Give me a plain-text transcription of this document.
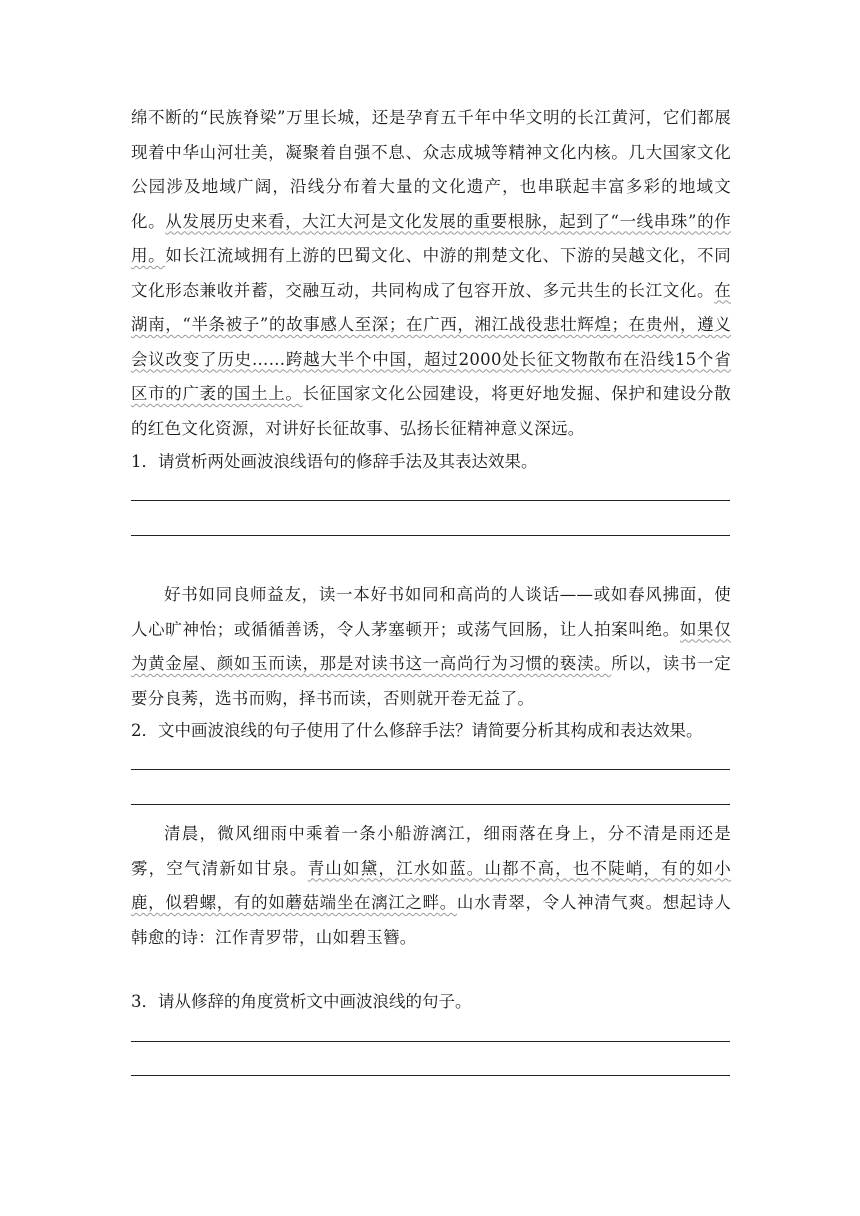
绵不断的“民族脊梁”万里长城，还是孕育五千年中华文明的长江黄河，它们都展现着中华山河壮美，凝聚着自强不息、众志成城等精神文化内核。几大国家文化公园涉及地域广阔，沿线分布着大量的文化遗产，也串联起丰富多彩的地域文化。从发展历史来看，大江大河是文化发展的重要根脉，起到了“一线串珠”的作用。如长江流域拥有上游的巴蜀文化、中游的荆楚文化、下游的吴越文化，不同文化形态兼收并蓄，交融互动，共同构成了包容开放、多元共生的长江文化。在湖南，“半条被子”的故事感人至深；在广西，湘江战役悲壮辉煌；在贵州，遵义会议改变了历史……跨越大半个中国，超过2000处长征文物散布在沿线15个省区市的广袤的国土上。长征国家文化公园建设，将更好地发掘、保护和建设分散的红色文化资源，对讲好长征故事、弘扬长征精神意义深远。

1．请赏析两处画波浪线语句的修辞手法及其表达效果。

好书如同良师益友，读一本好书如同和高尚的人谈话——或如春风拂面，使人心旷神怡；或循循善诱，令人茅塞顿开；或荡气回肠，让人拍案叫绝。如果仅为黄金屋、颜如玉而读，那是对读书这一高尚行为习惯的亵渎。所以，读书一定要分良莠，选书而购，择书而读，否则就开卷无益了。

2．文中画波浪线的句子使用了什么修辞手法？请简要分析其构成和表达效果。

清晨，微风细雨中乘着一条小船游漓江，细雨落在身上，分不清是雨还是雾，空气清新如甘泉。青山如黛，江水如蓝。山都不高，也不陡峭，有的如小鹿，似碧螺，有的如蘑菇端坐在漓江之畔。山水青翠，令人神清气爽。想起诗人韩愈的诗：江作青罗带，山如碧玉簪。

3．请从修辞的角度赏析文中画波浪线的句子。
